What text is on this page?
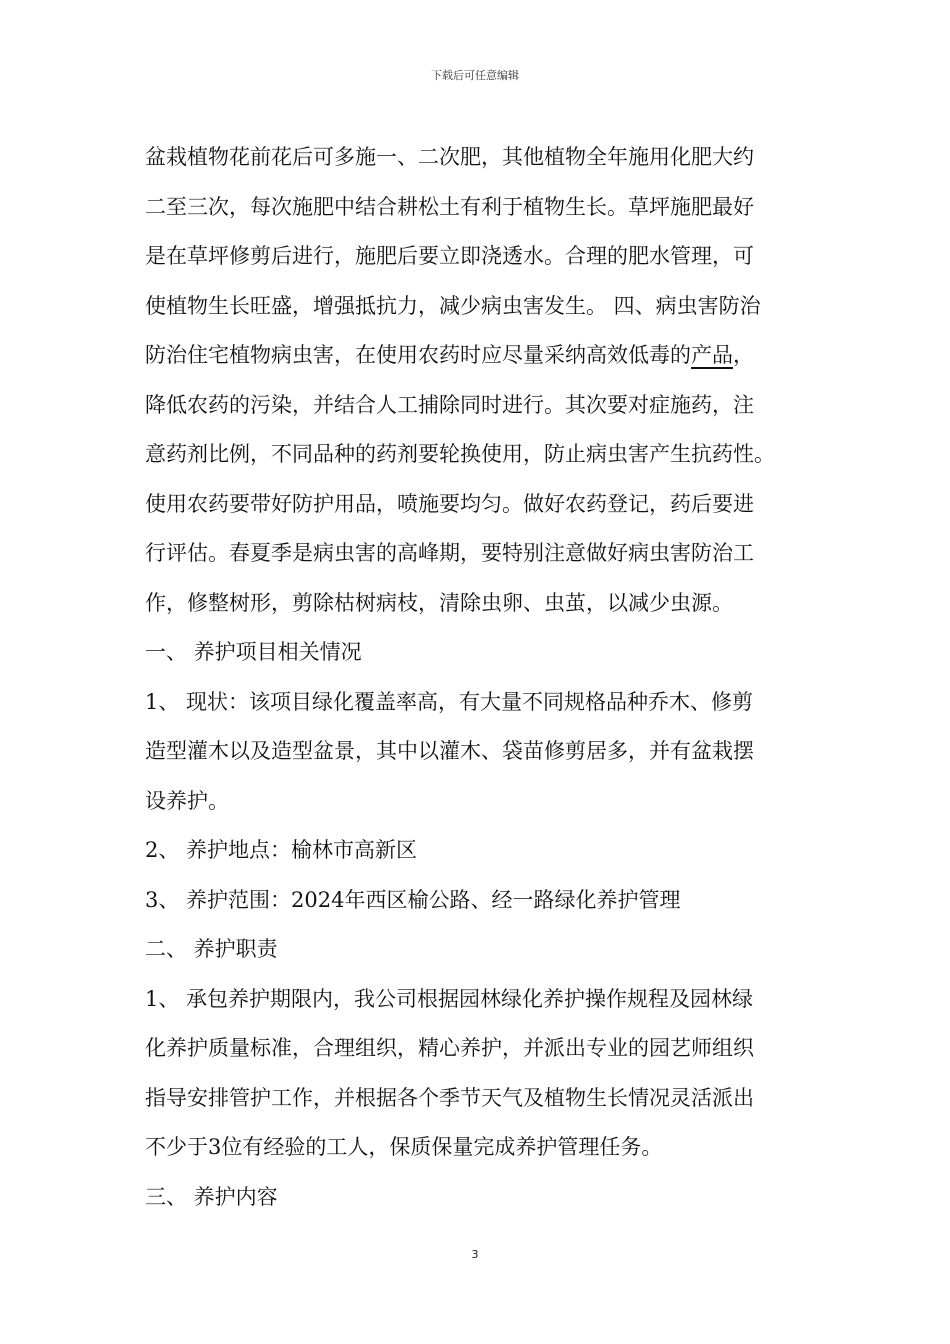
下载后可任意编辑
盆栽植物花前花后可多施一、二次肥，其他植物全年施用化肥大约
二至三次，每次施肥中结合耕松土有利于植物生长。草坪施肥最好
是在草坪修剪后进行，施肥后要立即浇透水。合理的肥水管理，可
使植物生长旺盛，增强抵抗力，减少病虫害发生。 四、病虫害防治
防治住宅植物病虫害，在使用农药时应尽量采纳高效低毒的产品，
降低农药的污染，并结合人工捕除同时进行。其次要对症施药，注
意药剂比例，不同品种的药剂要轮换使用，防止病虫害产生抗药性。
使用农药要带好防护用品，喷施要均匀。做好农药登记，药后要进
行评估。春夏季是病虫害的高峰期，要特别注意做好病虫害防治工
作，修整树形，剪除枯树病枝，清除虫卵、虫茧，以减少虫源。
一、 养护项目相关情况
1、 现状：该项目绿化覆盖率高，有大量不同规格品种乔木、修剪
造型灌木以及造型盆景，其中以灌木、袋苗修剪居多，并有盆栽摆
设养护。
2、 养护地点：榆林市高新区
3、 养护范围：2024年西区榆公路、经一路绿化养护管理
二、 养护职责
1、 承包养护期限内，我公司根据园林绿化养护操作规程及园林绿
化养护质量标准，合理组织，精心养护，并派出专业的园艺师组织
指导安排管护工作，并根据各个季节天气及植物生长情况灵活派出
不少于3位有经验的工人，保质保量完成养护管理任务。
三、 养护内容
3
